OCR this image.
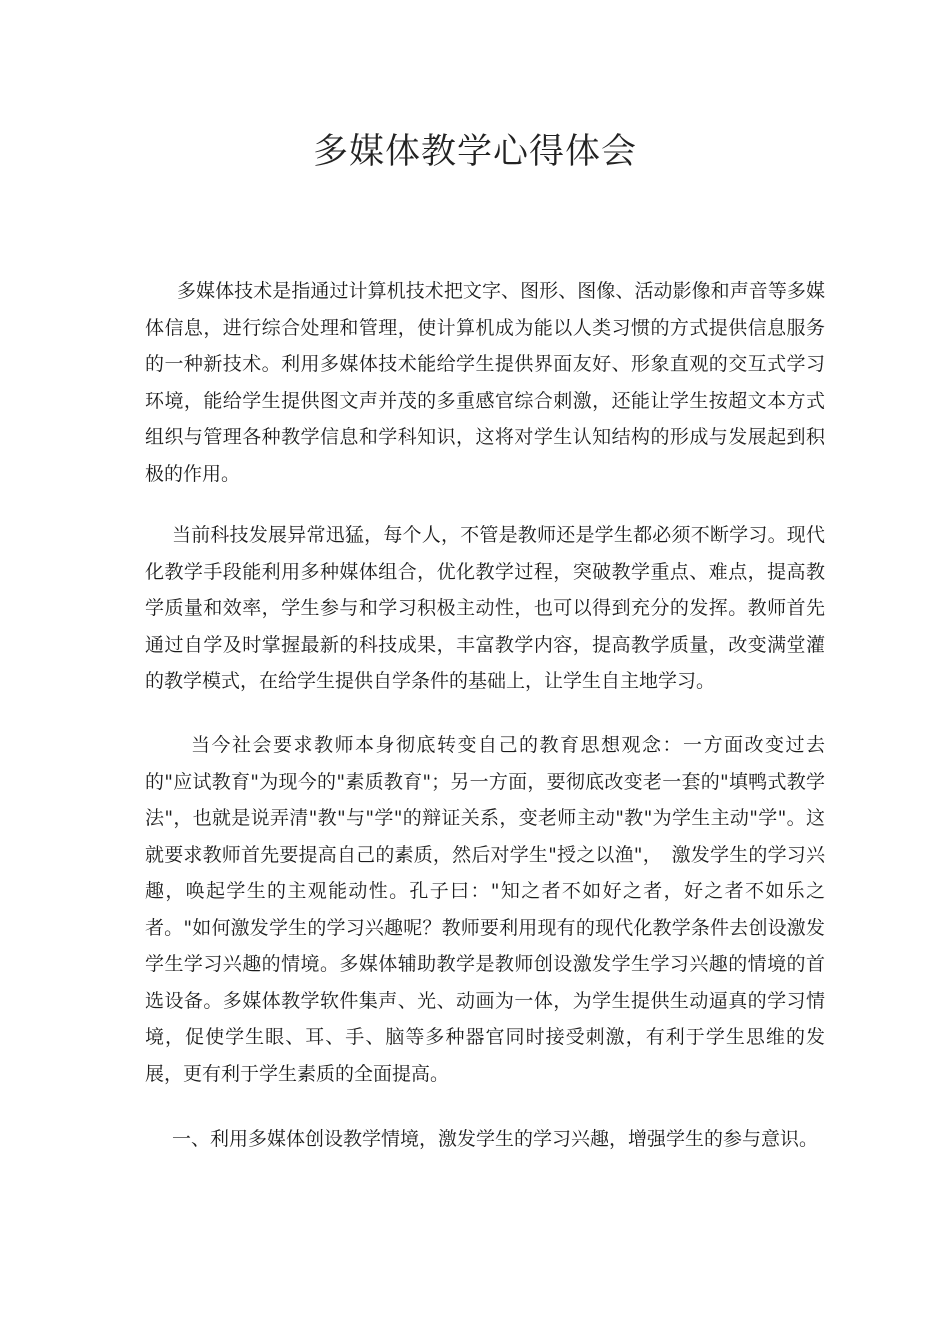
多媒体教学心得体会

多媒体技术是指通过计算机技术把文字、图形、图像、活动影像和声音等多媒体信息，进行综合处理和管理，使计算机成为能以人类习惯的方式提供信息服务的一种新技术。利用多媒体技术能给学生提供界面友好、形象直观的交互式学习环境，能给学生提供图文声并茂的多重感官综合刺激，还能让学生按超文本方式组织与管理各种教学信息和学科知识，这将对学生认知结构的形成与发展起到积极的作用。

当前科技发展异常迅猛，每个人，不管是教师还是学生都必须不断学习。现代化教学手段能利用多种媒体组合，优化教学过程，突破教学重点、难点，提高教学质量和效率，学生参与和学习积极主动性，也可以得到充分的发挥。教师首先通过自学及时掌握最新的科技成果，丰富教学内容，提高教学质量，改变满堂灌的教学模式，在给学生提供自学条件的基础上，让学生自主地学习。

当今社会要求教师本身彻底转变自己的教育思想观念：一方面改变过去的"应试教育"为现今的"素质教育"；另一方面，要彻底改变老一套的"填鸭式教学法"，也就是说弄清"教"与"学"的辩证关系，变老师主动"教"为学生主动"学"。这就要求教师首先要提高自己的素质，然后对学生"授之以渔"，　激发学生的学习兴趣，唤起学生的主观能动性。孔子曰："知之者不如好之者，好之者不如乐之者。"如何激发学生的学习兴趣呢？教师要利用现有的现代化教学条件去创设激发学生学习兴趣的情境。多媒体辅助教学是教师创设激发学生学习兴趣的情境的首选设备。多媒体教学软件集声、光、动画为一体，为学生提供生动逼真的学习情境，促使学生眼、耳、手、脑等多种器官同时接受刺激，有利于学生思维的发展，更有利于学生素质的全面提高。

一、利用多媒体创设教学情境，激发学生的学习兴趣，增强学生的参与意识。
